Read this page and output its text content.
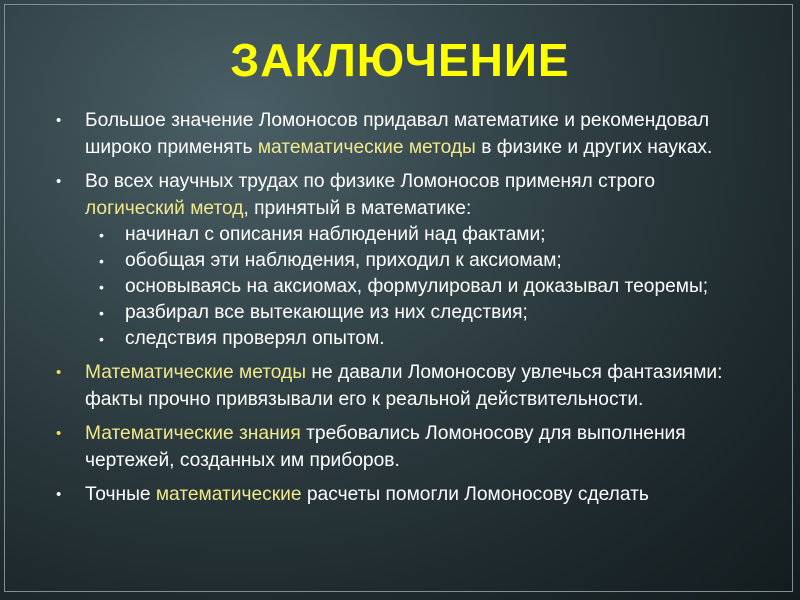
ЗАКЛЮЧЕНИЕ
• Большое значение Ломоносов придавал математике и рекомендовал широко применять математические методы в физике и других науках.
• Во всех научных трудах по физике Ломоносов применял строго логический метод, принятый в математике:
• начинал с описания наблюдений над фактами;
• обобщая эти наблюдения, приходил к аксиомам;
• основываясь на аксиомах, формулировал и доказывал теоремы;
• разбирал все вытекающие из них следствия;
• следствия проверял опытом.
• Математические методы не давали Ломоносову увлечься фантазиями: факты прочно привязывали его к реальной действительности.
• Математические знания требовались Ломоносову для выполнения чертежей, созданных им приборов.
• Точные математические расчеты помогли Ломоносову сделать
